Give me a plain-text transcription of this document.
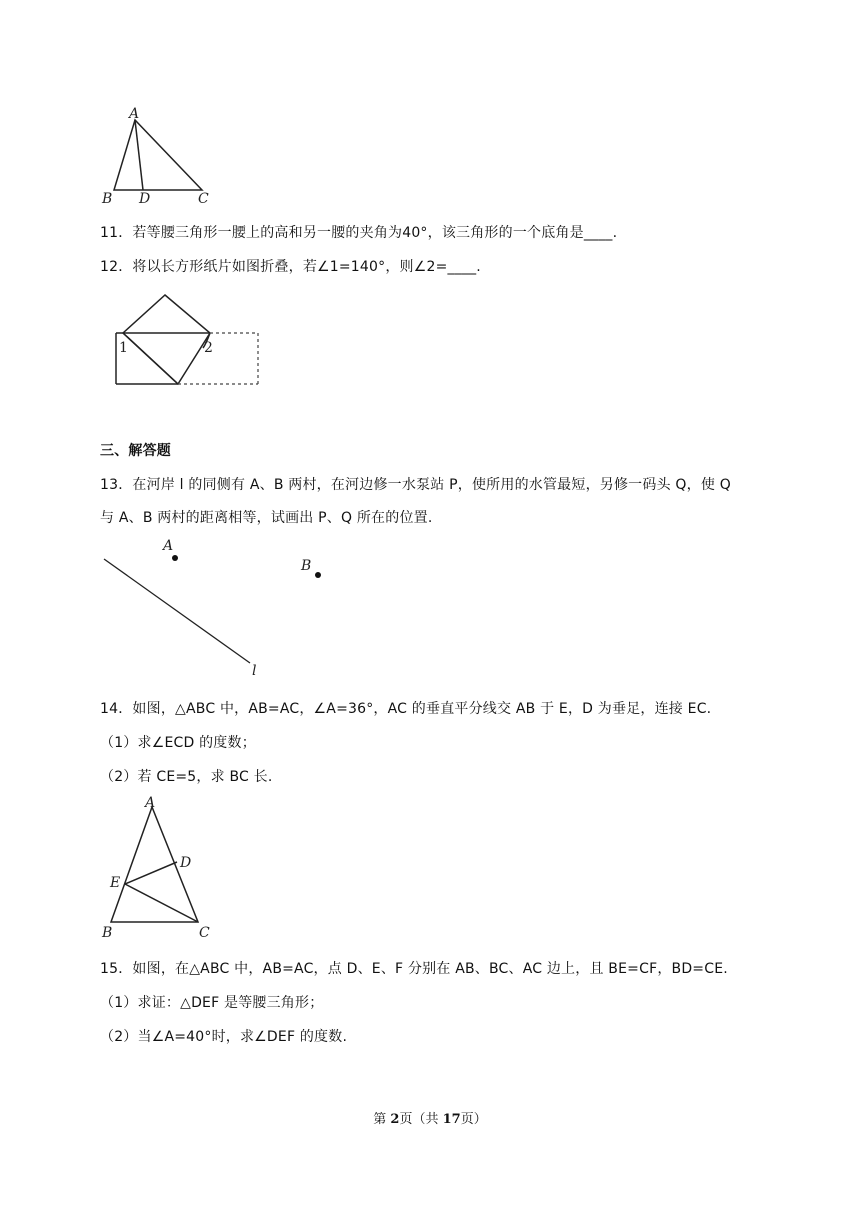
A
B D	C
11．若等腰三角形一腰上的高和另一腰的夹角为40°，该三角形的一个底角是____.
12．将以长方形纸片如图折叠，若∠1=140°，则∠2=____.
1	2
三、解答题
13．在河岸 l 的同侧有 A、B 两村，在河边修一水泵站 P，使所用的水管最短，另修一码头 Q，使 Q
与 A、B 两村的距离相等，试画出 P、Q 所在的位置.
A
B
l
14．如图，△ABC 中，AB=AC，∠A=36°，AC 的垂直平分线交 AB 于 E，D 为垂足，连接 EC.
（1）求∠ECD 的度数；
（2）若 CE=5，求 BC 长.
A
D
E
B	C
15．如图，在△ABC 中，AB=AC，点 D、E、F 分别在 AB、BC、AC 边上，且 BE=CF，BD=CE.
（1）求证：△DEF 是等腰三角形；
（2）当∠A=40°时，求∠DEF 的度数.
第 2页（共 17页）
